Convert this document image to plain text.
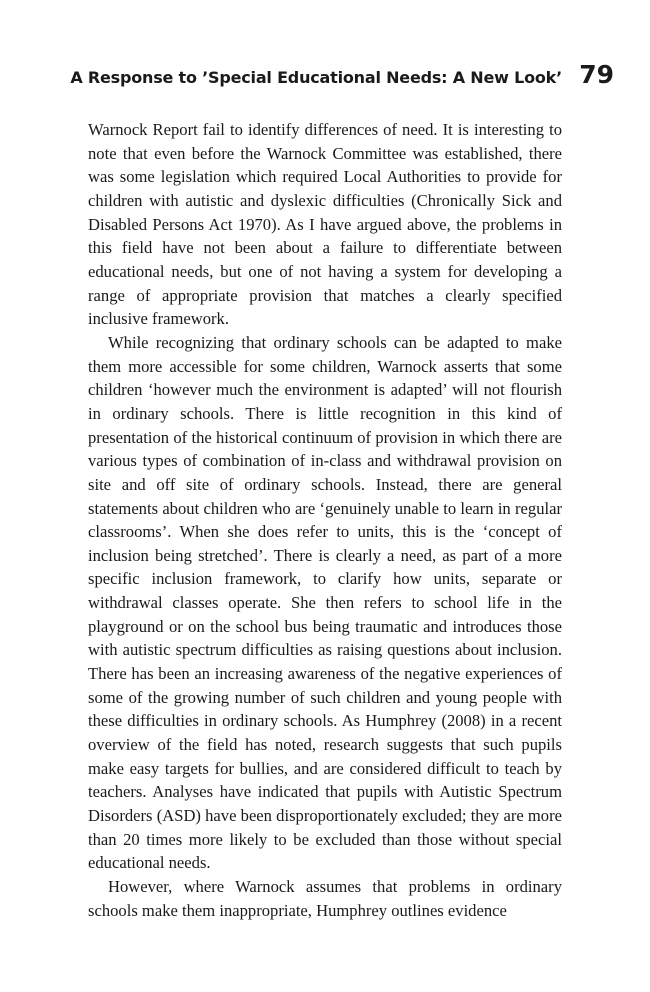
A Response to ’Special Educational Needs: A New Look’ 79

Warnock Report fail to identify differences of need. It is interesting to note that even before the Warnock Committee was established, there was some legislation which required Local Authorities to provide for children with autistic and dyslexic difficulties (Chronically Sick and Disabled Persons Act 1970). As I have argued above, the problems in this field have not been about a failure to differentiate between educational needs, but one of not having a system for developing a range of appropriate provision that matches a clearly specified inclusive framework.

While recognizing that ordinary schools can be adapted to make them more accessible for some children, Warnock asserts that some children ‘however much the environment is adapted’ will not flourish in ordinary schools. There is little recognition in this kind of presentation of the historical continuum of provision in which there are various types of combination of in-class and withdrawal provision on site and off site of ordinary schools. Instead, there are general statements about children who are ‘genuinely unable to learn in regular classrooms’. When she does refer to units, this is the ‘concept of inclusion being stretched’. There is clearly a need, as part of a more specific inclusion framework, to clarify how units, separate or withdrawal classes operate. She then refers to school life in the playground or on the school bus being traumatic and introduces those with autistic spectrum difficulties as raising questions about inclusion. There has been an increasing awareness of the negative experiences of some of the growing number of such children and young people with these difficulties in ordinary schools. As Humphrey (2008) in a recent overview of the field has noted, research suggests that such pupils make easy targets for bullies, and are considered difficult to teach by teachers. Analyses have indicated that pupils with Autistic Spectrum Disorders (ASD) have been disproportionately excluded; they are more than 20 times more likely to be excluded than those without special educational needs.

However, where Warnock assumes that problems in ordinary schools make them inappropriate, Humphrey outlines evidence
